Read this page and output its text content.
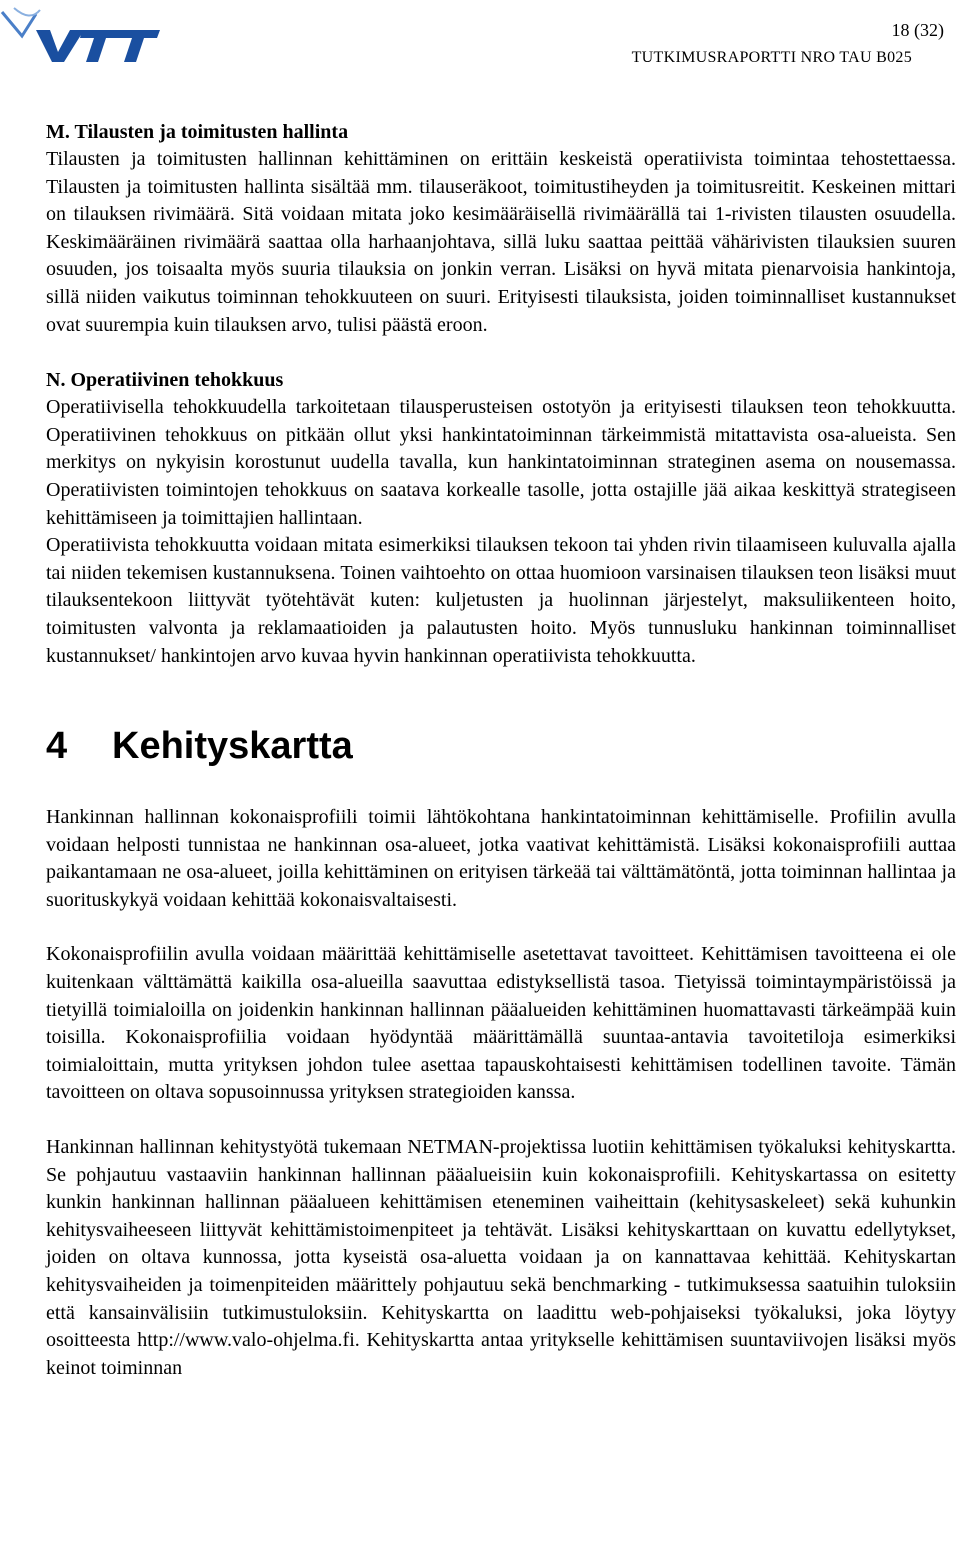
18 (32)
TUTKIMUSRAPORTTI NRO TAU B025

M. Tilausten ja toimitusten hallinta

Tilausten ja toimitusten hallinnan kehittäminen on erittäin keskeistä operatiivista toimintaa tehostettaessa. Tilausten ja toimitusten hallinta sisältää mm. tilauseräkoot, toimitustiheyden ja toimitusreitit. Keskeinen mittari on tilauksen rivimäärä. Sitä voidaan mitata joko kesimääräisellä rivimäärällä tai 1-rivisten tilausten osuudella. Keskimääräinen rivimäärä saattaa olla harhaanjohtava, sillä luku saattaa peittää vähärivisten tilauksien suuren osuuden, jos toisaalta myös suuria tilauksia on jonkin verran. Lisäksi on hyvä mitata pienarvoisia hankintoja, sillä niiden vaikutus toiminnan tehokkuuteen on suuri. Erityisesti tilauksista, joiden toiminnalliset kustannukset ovat suurempia kuin tilauksen arvo, tulisi päästä eroon.

N. Operatiivinen tehokkuus

Operatiivisella tehokkuudella tarkoitetaan tilausperusteisen ostotyön ja erityisesti tilauksen teon tehokkuutta. Operatiivinen tehokkuus on pitkään ollut yksi hankintatoiminnan tärkeimmistä mitattavista osa-alueista. Sen merkitys on nykyisin korostunut uudella tavalla, kun hankintatoiminnan strateginen asema on nousemassa. Operatiivisten toimintojen tehokkuus on saatava korkealle tasolle, jotta ostajille jää aikaa keskittyä strategiseen kehittämiseen ja toimittajien hallintaan.

Operatiivista tehokkuutta voidaan mitata esimerkiksi tilauksen tekoon tai yhden rivin tilaamiseen kuluvalla ajalla tai niiden tekemisen kustannuksena. Toinen vaihtoehto on ottaa huomioon varsinaisen tilauksen teon lisäksi muut tilauksentekoon liittyvät työtehtävät kuten: kuljetusten ja huolinnan järjestelyt, maksuliikenteen hoito, toimitusten valvonta ja reklamaatioiden ja palautusten hoito. Myös tunnusluku hankinnan toiminnalliset kustannukset/ hankintojen arvo kuvaa hyvin hankinnan operatiivista tehokkuutta.

4 Kehityskartta

Hankinnan hallinnan kokonaisprofiili toimii lähtökohtana hankintatoiminnan kehittämiselle. Profiilin avulla voidaan helposti tunnistaa ne hankinnan osa-alueet, jotka vaativat kehittämistä. Lisäksi kokonaisprofiili auttaa paikantamaan ne osa-alueet, joilla kehittäminen on erityisen tärkeää tai välttämätöntä, jotta toiminnan hallintaa ja suorituskykyä voidaan kehittää kokonaisvaltaisesti.

Kokonaisprofiilin avulla voidaan määrittää kehittämiselle asetettavat tavoitteet. Kehittämisen tavoitteena ei ole kuitenkaan välttämättä kaikilla osa-alueilla saavuttaa edistyksellistä tasoa. Tietyissä toimintaympäristöissä ja tietyillä toimialoilla on joidenkin hankinnan hallinnan pääalueiden kehittäminen huomattavasti tärkeämpää kuin toisilla. Kokonaisprofiilia voidaan hyödyntää määrittämällä suuntaa-antavia tavoitetiloja esimerkiksi toimialoittain, mutta yrityksen johdon tulee asettaa tapauskohtaisesti kehittämisen todellinen tavoite. Tämän tavoitteen on oltava sopusoinnussa yrityksen strategioiden kanssa.

Hankinnan hallinnan kehitystyötä tukemaan NETMAN-projektissa luotiin kehittämisen työkaluksi kehityskartta. Se pohjautuu vastaaviin hankinnan hallinnan pääalueisiin kuin kokonaisprofiili. Kehityskartassa on esitetty kunkin hankinnan hallinnan pääalueen kehittämisen eteneminen vaiheittain (kehitysaskeleet) sekä kuhunkin kehitysvaiheeseen liittyvät kehittämistoimenpiteet ja tehtävät. Lisäksi kehityskarttaan on kuvattu edellytykset, joiden on oltava kunnossa, jotta kyseistä osa-aluetta voidaan ja on kannattavaa kehittää. Kehityskartan kehitysvaiheiden ja toimenpiteiden määrittely pohjautuu sekä benchmarking - tutkimuksessa saatuihin tuloksiin että kansainvälisiin tutkimustuloksiin. Kehityskartta on laadittu web-pohjaiseksi työkaluksi, joka löytyy osoitteesta http://www.valo-ohjelma.fi. Kehityskartta antaa yritykselle kehittämisen suuntaviivojen lisäksi myös keinot toiminnan
